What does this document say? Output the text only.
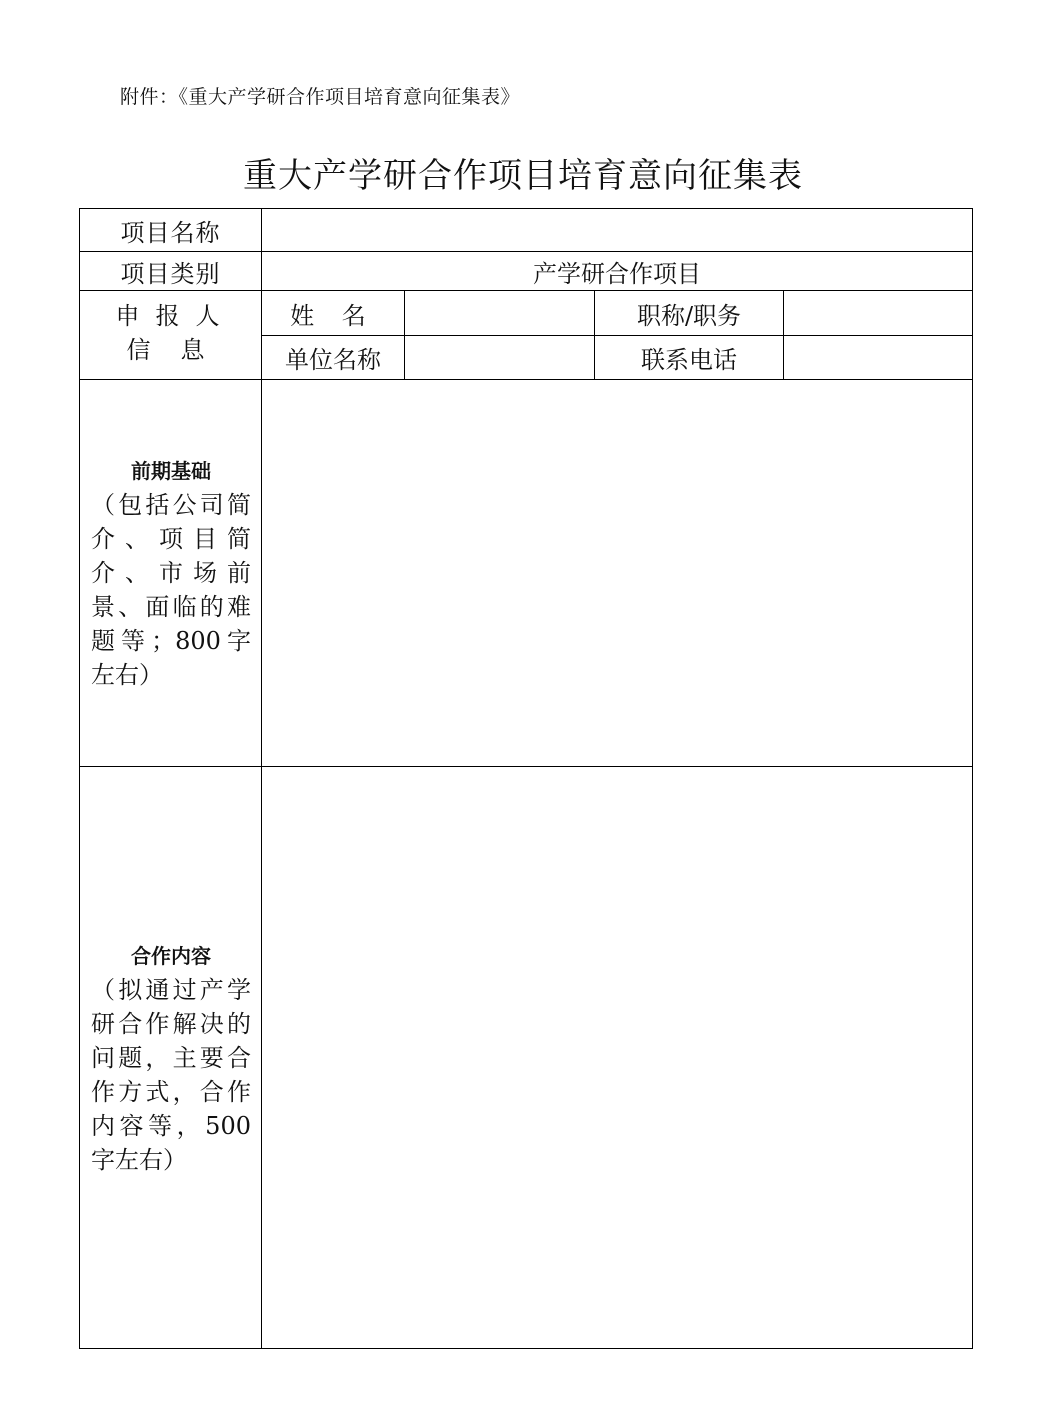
附件：《重大产学研合作项目培育意向征集表》
重大产学研合作项目培育意向征集表
项目名称				
项目类别	产学研合作项目			

申报人
信息	姓 名		职称/职务	
	单位名称		联系电话	

前期基础
（包括公司简介、项目简介、市场前景、面临的难题等；800字左右）				

合作内容
（拟通过产学研合作解决的问题，主要合作方式，合作内容等，500 字左右）				
